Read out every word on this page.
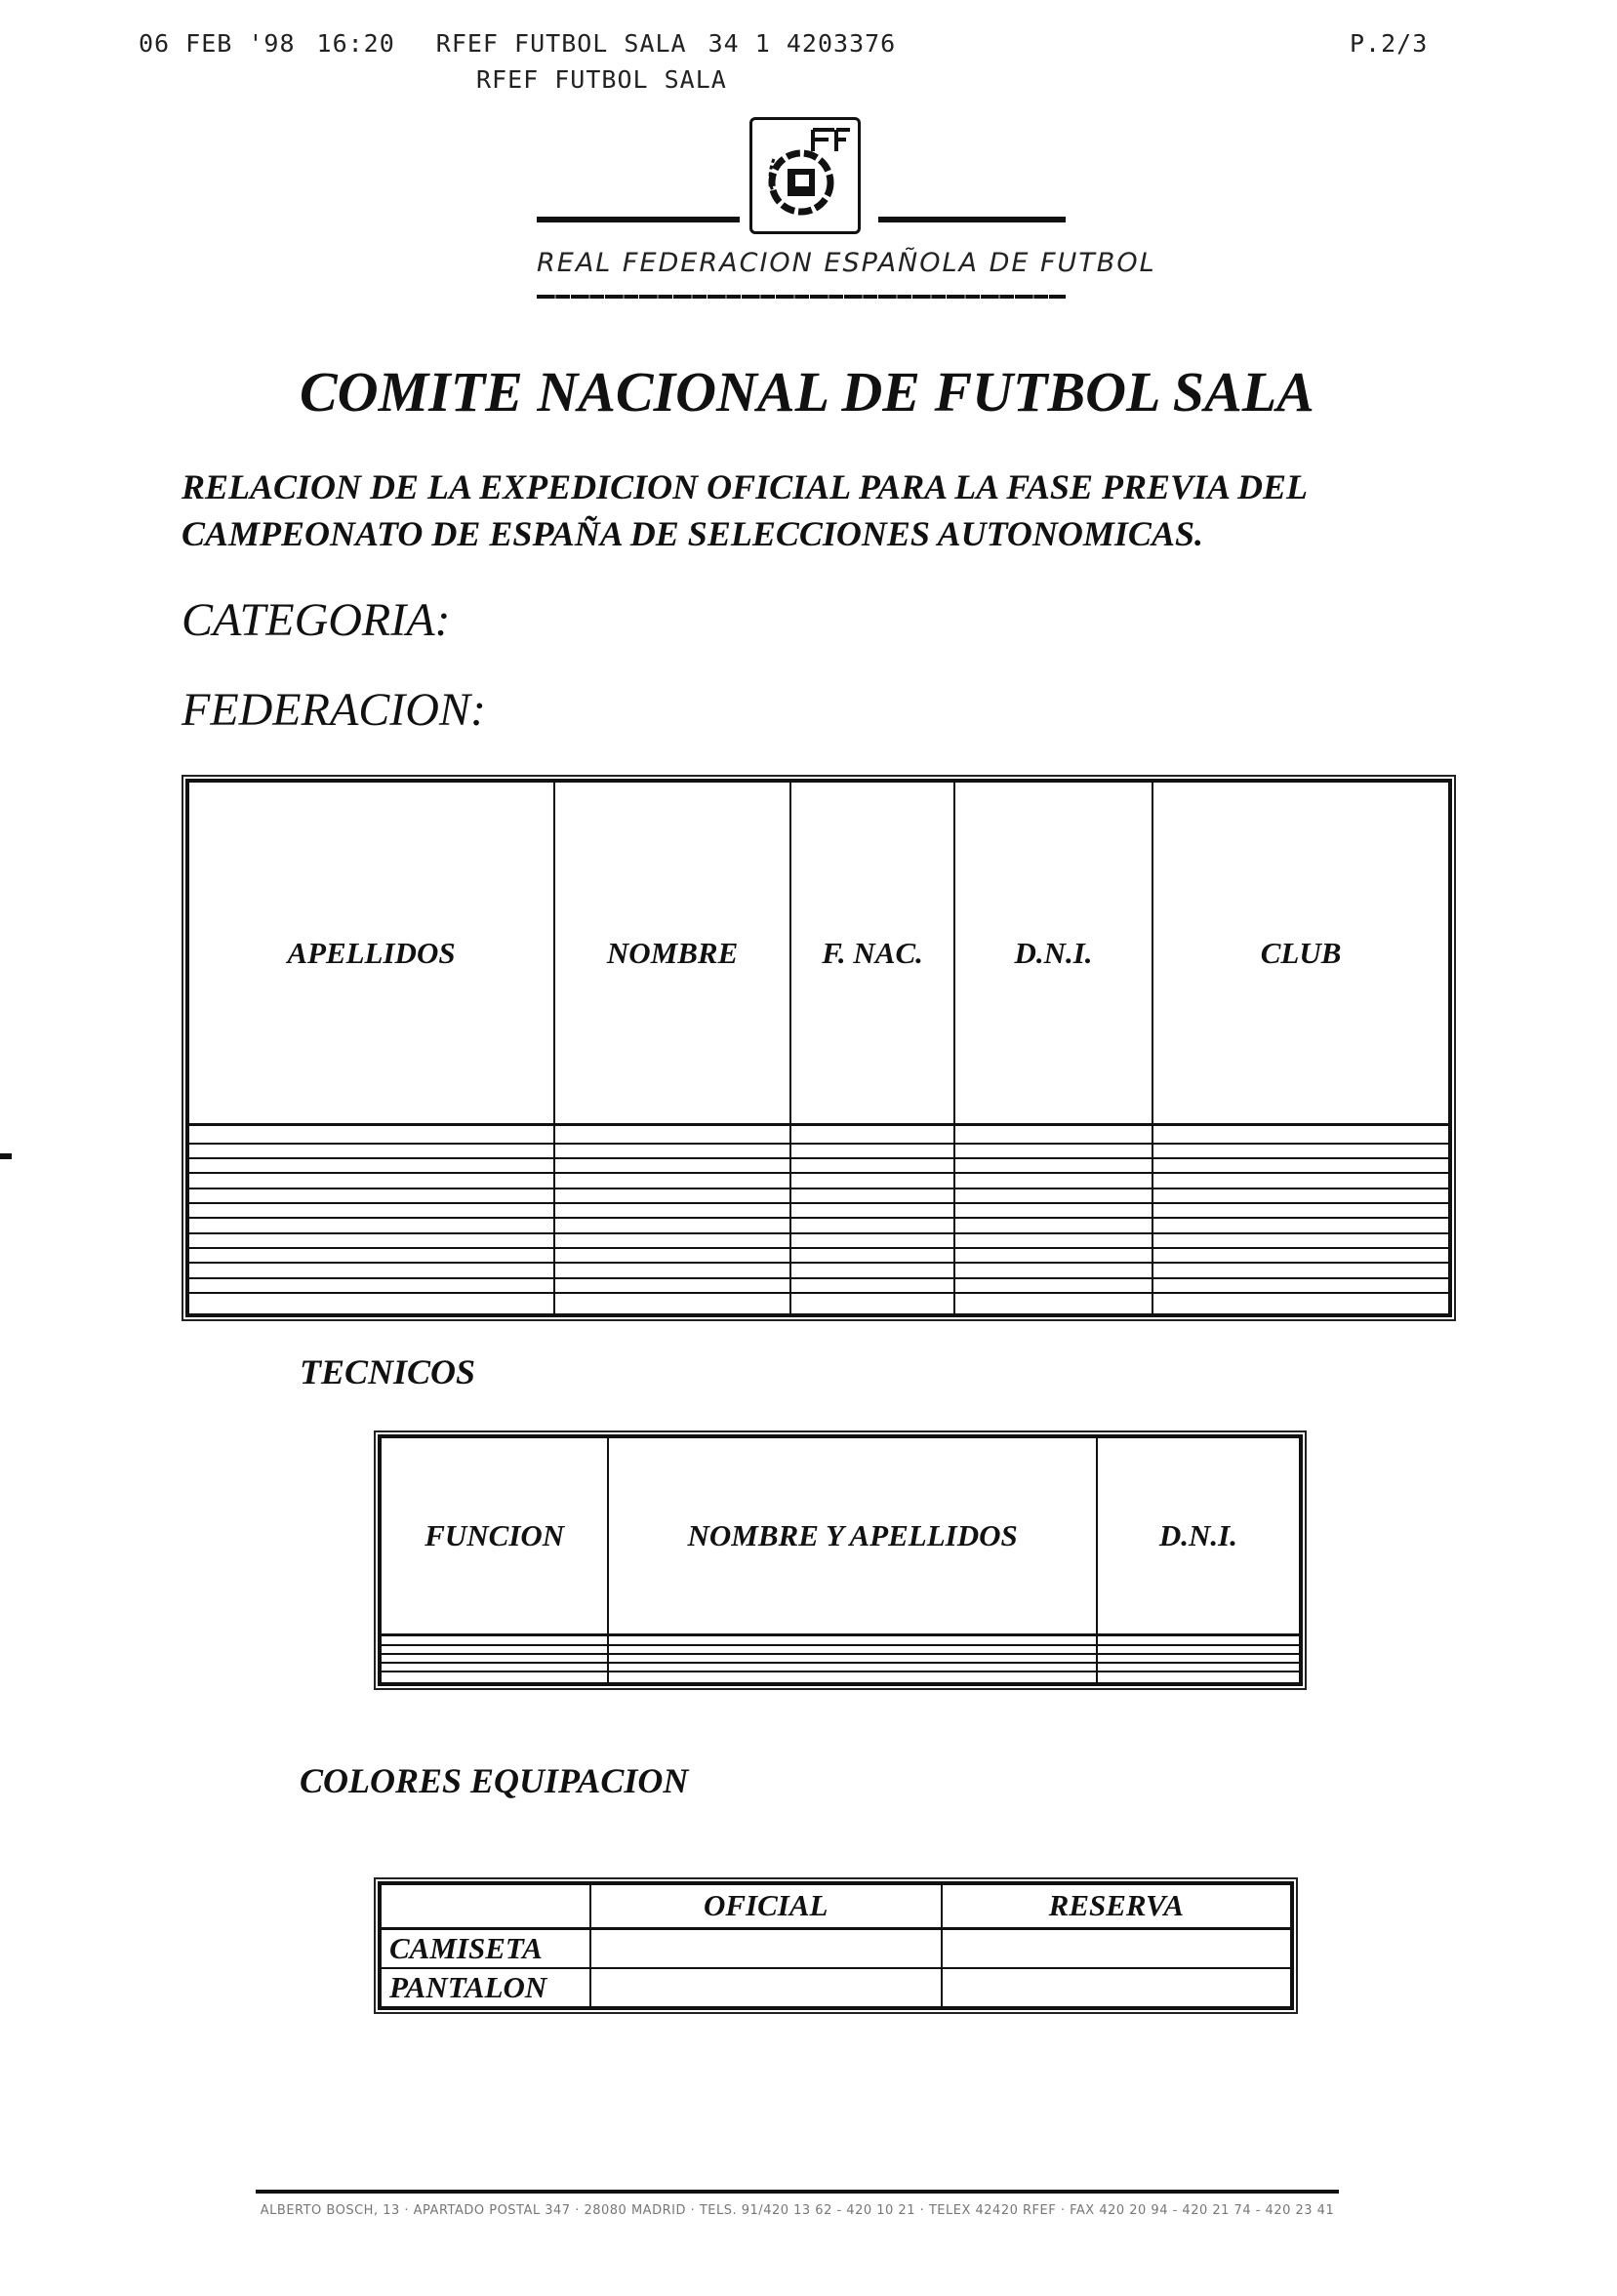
06 FEB '98 16:20 RFEF FUTBOL SALA 34 1 4203376	P.2/3
RFEF FUTBOL SALA
REAL FEDERACION ESPAÑOLA DE FUTBOL
COMITE NACIONAL DE FUTBOL SALA
RELACION DE LA EXPEDICION OFICIAL PARA LA FASE PREVIA DEL
CAMPEONATO DE ESPAÑA DE SELECCIONES AUTONOMICAS.
CATEGORIA:
FEDERACION:
APELLIDOS	NOMBRE	F. NAC.	D.N.I.	CLUB

TECNICOS
FUNCION	NOMBRE Y APELLIDOS	D.N.I.

COLORES EQUIPACION
	OFICIAL	RESERVA
CAMISETA		
PANTALON		
ALBERTO BOSCH, 13 · APARTADO POSTAL 347 · 28080 MADRID · TELS. 91/420 13 62 - 420 10 21 · TELEX 42420 RFEF · FAX 420 20 94 - 420 21 74 - 420 23 41
